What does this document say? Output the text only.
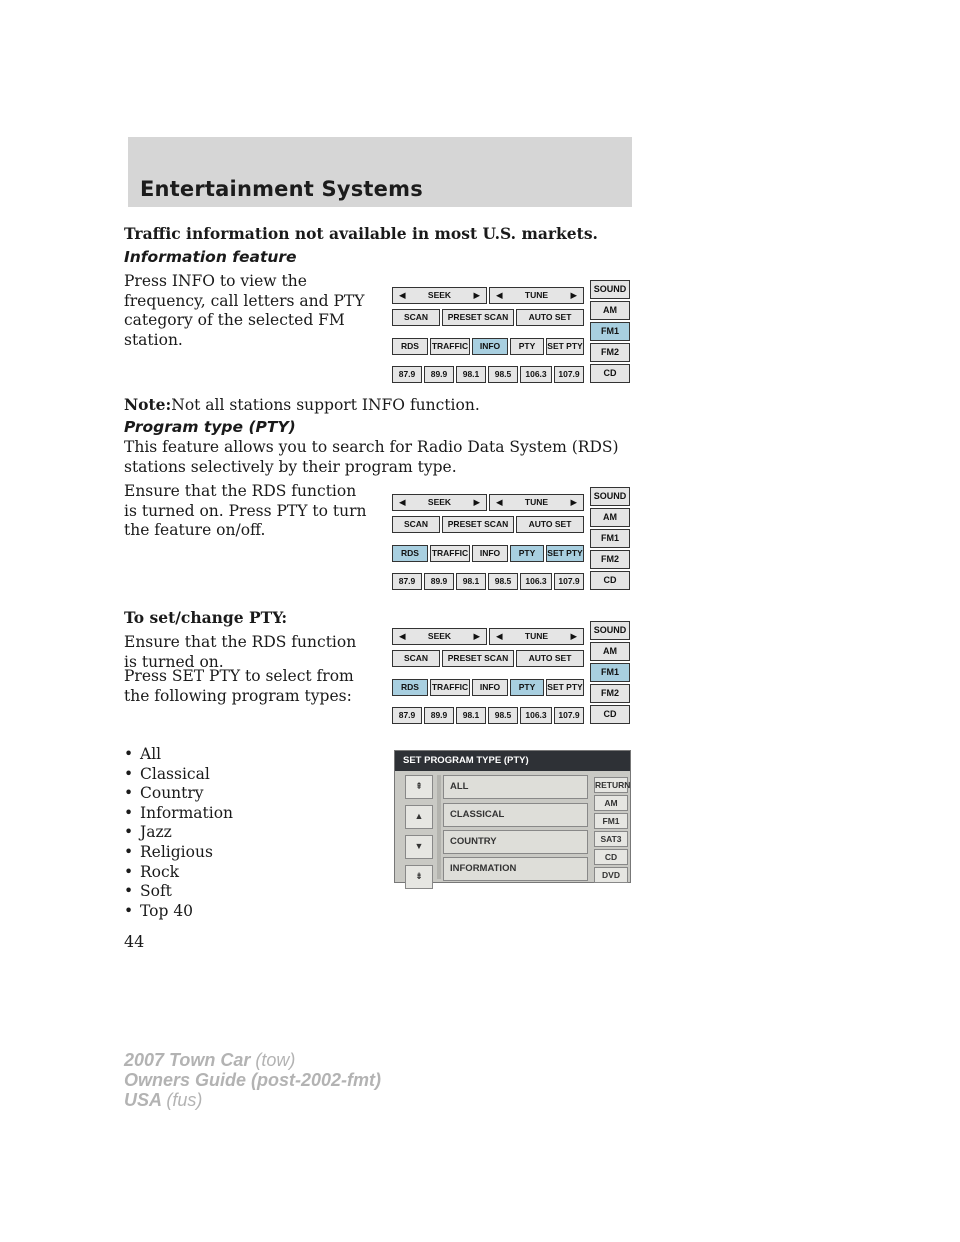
Entertainment Systems

Traffic information not available in most U.S. markets.

Information feature

Press INFO to view the frequency, call letters and PTY category of the selected FM station.

◀	SEEK	▶ ◀	TUNE	▶
SCAN	PRESET SCAN	AUTO SET
RDS	TRAFFIC	INFO	PTY	SET PTY
87.9	89.9	98.1	98.5	106.3	107.9
SOUND
AM
FM1
FM2
CD

Note:Not all stations support INFO function.

Program type (PTY)

This feature allows you to search for Radio Data System (RDS) stations selectively by their program type.

Ensure that the RDS function is turned on. Press PTY to turn the feature on/off.

◀	SEEK	▶ ◀	TUNE	▶
SCAN	PRESET SCAN	AUTO SET
RDS	TRAFFIC	INFO	PTY	SET PTY
87.9	89.9	98.1	98.5	106.3	107.9
SOUND
AM
FM1
FM2
CD

To set/change PTY:

Ensure that the RDS function is turned on.

Press SET PTY to select from the following program types:

◀	SEEK	▶ ◀	TUNE	▶
SCAN	PRESET SCAN	AUTO SET
RDS	TRAFFIC	INFO	PTY	SET PTY
87.9	89.9	98.1	98.5	106.3	107.9
SOUND
AM
FM1
FM2
CD
• All
• Classical
• Country
• Information
• Jazz
• Religious
• Rock
• Soft
• Top 40
SET PROGRAM TYPE (PTY)
⇞
▲
▼
⇟
ALL
CLASSICAL
COUNTRY
INFORMATION
RETURN
AM
FM1
SAT3
CD
DVD
44
2007 Town Car (tow)
Owners Guide (post-2002-fmt)
USA (fus)
